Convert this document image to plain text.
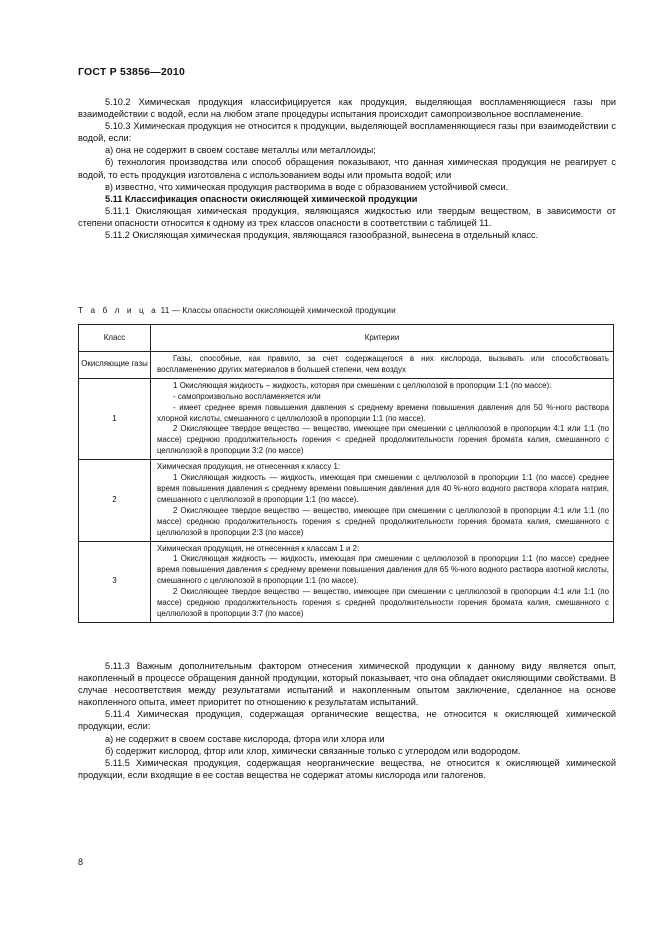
ГОСТ Р 53856—2010

5.10.2 Химическая продукция классифицируется как продукция, выделяющая воспламеняющиеся газы при взаимодействии с водой, если на любом этапе процедуры испытания происходит самопроизвольное воспламенение.

5.10.3 Химическая продукция не относится к продукции, выделяющей воспламеняющиеся газы при взаимодействии с водой, если:

а) она не содержит в своем составе металлы или металлоиды;

б) технология производства или способ обращения показывают, что данная химическая продукция не реагирует с водой, то есть продукция изготовлена с использованием воды или промыта водой; или

в) известно, что химическая продукция растворима в воде с образованием устойчивой смеси.

5.11 Классификация опасности окисляющей химической продукции

5.11.1 Окисляющая химическая продукция, являющаяся жидкостью или твердым веществом, в зависимости от степени опасности относится к одному из трех классов опасности в соответствии с таблицей 11.

5.11.2 Окисляющая химическая продукция, являющаяся газообразной, вынесена в отдельный класс.

Т а б л и ц а 11 — Классы опасности окисляющей химической продукции
Класс	Критерии
Окисляющие газы	Газы, способные, как правило, за счет содержащегося в них кислорода, вызывать или способствовать воспламенению других материалов в большей степени, чем воздух

1	1 Окисляющая жидкость – жидкость, которая при смешении с целлюлозой в пропорции 1:1 (по массе):

- самопроизвольно воспламеняется или

- имеет среднее время повышения давления ≤ среднему времени повышения давления для 50 %-ного раствора хлорной кислоты, смешанного с целлюлозой в пропорции 1:1 (по массе).

2 Окисляющее твердое вещество — вещество, имеющее при смешении с целлюлозой в пропорции 4:1 или 1:1 (по массе) среднюю продолжительность горения < средней продолжительности горения бромата калия, смешанного с целлюлозой в пропорции 3:2 (по массе)

2	Химическая продукция, не отнесенная к классу 1:

1 Окисляющая жидкость — жидкость, имеющая при смешении с целлюлозой в пропорции 1:1 (по массе) среднее время повышения давления ≤ среднему времени повышения давления для 40 %-ного водного раствора хлората натрия, смешанного с целлюлозой в пропорции 1:1 (по массе).

2 Окисляющее твердое вещество — вещество, имеющее при смешении с целлюлозой в пропорции 4:1 или 1:1 (по массе) среднюю продолжительность горения ≤ средней продолжительности горения бромата калия, смешанного с целлюлозой в пропорции 2:3 (по массе)

3	Химическая продукция, не отнесенная к классам 1 и 2:

1 Окисляющая жидкость — жидкость, имеющая при смешении с целлюлозой в пропорции 1:1 (по массе) среднее время повышения давления ≤ среднему времени повышения давления для 65 %-ного водного раствора азотной кислоты, смешанного с целлюлозой в пропорции 1:1 (по массе).

2 Окисляющее твердое вещество — вещество, имеющее при смешении с целлюлозой в пропорции 4:1 или 1:1 (по массе) среднюю продолжительность горения ≤ средней продолжительности горения бромата калия, смешанного с целлюлозой в пропорции 3:7 (по массе)

5.11.3 Важным дополнительным фактором отнесения химической продукции к данному виду является опыт, накопленный в процессе обращения данной продукции, который показывает, что она обладает окисляющими свойствами. В случае несоответствия между результатами испытаний и накопленным опытом заключение, сделанное на основе накопленного опыта, имеет приоритет по отношению к результатам испытаний.

5.11.4 Химическая продукция, содержащая органические вещества, не относится к окисляющей химической продукции, если:

а) не содержит в своем составе кислорода, фтора или хлора или

б) содержит кислород, фтор или хлор, химически связанные только с углеродом или водородом.

5.11.5 Химическая продукция, содержащая неорганические вещества, не относится к окисляющей химической продукции, если входящие в ее состав вещества не содержат атомы кислорода или галогенов.

8
